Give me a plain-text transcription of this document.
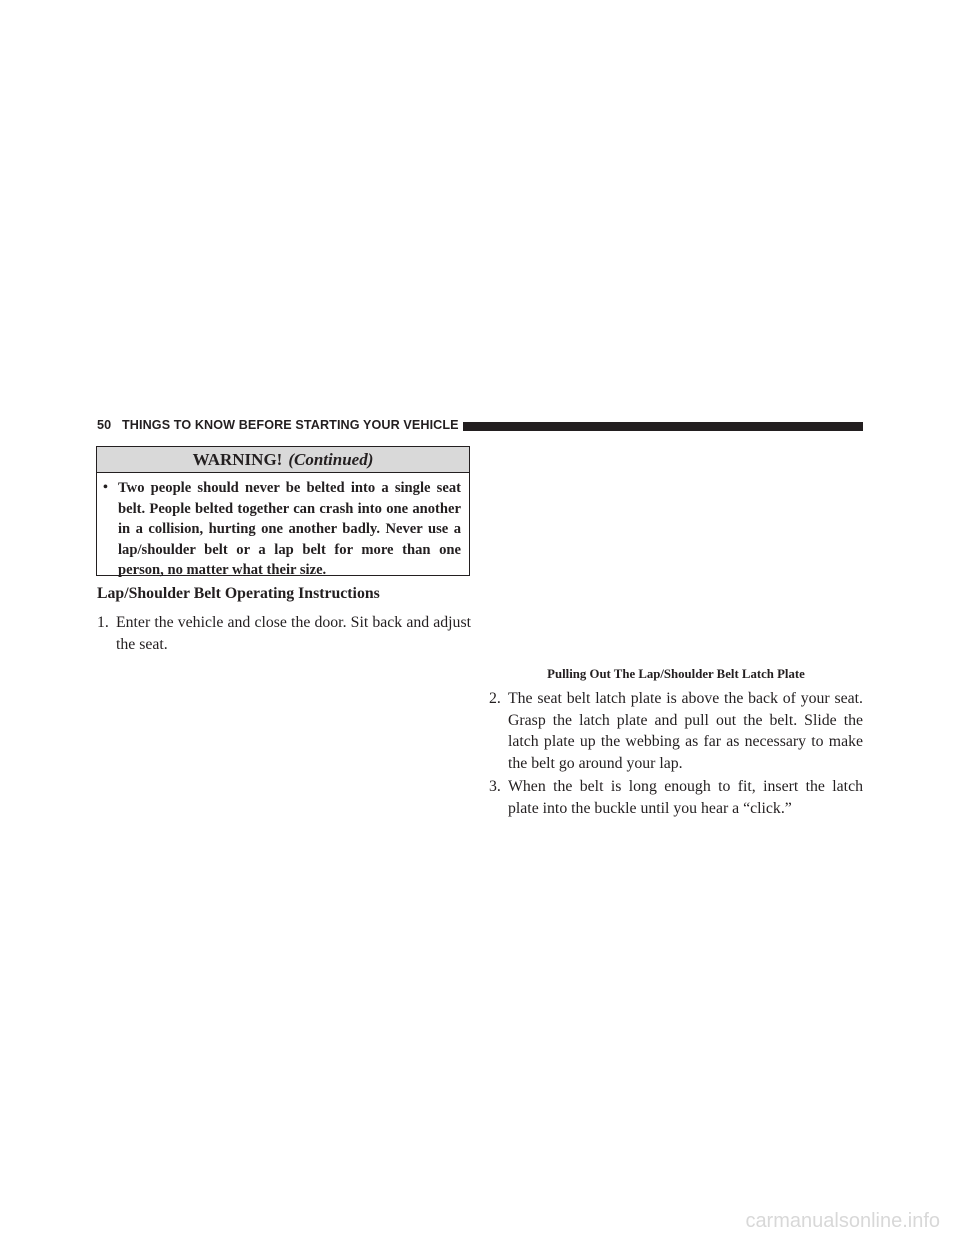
50 THINGS TO KNOW BEFORE STARTING YOUR VEHICLE
WARNING! (Continued)
• Two people should never be belted into a single seat belt. People belted together can crash into one another in a collision, hurting one another badly. Never use a lap/shoulder belt or a lap belt for more than one person, no matter what their size.
Lap/Shoulder Belt Operating Instructions
1. Enter the vehicle and close the door. Sit back and adjust the seat.
Pulling Out The Lap/Shoulder Belt Latch Plate
2. The seat belt latch plate is above the back of your seat. Grasp the latch plate and pull out the belt. Slide the latch plate up the webbing as far as necessary to make the belt go around your lap.
3. When the belt is long enough to fit, insert the latch plate into the buckle until you hear a “click.”
carmanualsonline.info
